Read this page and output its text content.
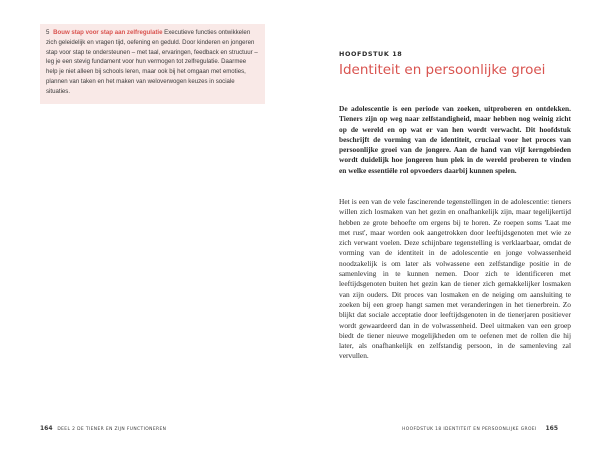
5 Bouw stap voor stap aan zelfregulatie Executieve functies ontwikkelen zich geleidelijk en vragen tijd, oefening en geduld. Door kinderen en jongeren stap voor stap te ondersteunen – met taal, ervaringen, feedback en structuur – leg je een stevig fundament voor hun vermogen tot zelfregulatie. Daarmee help je niet alleen bij schools leren, maar ook bij het omgaan met emoties, plannen van taken en het maken van weloverwogen keuzes in sociale situaties.
HOOFDSTUK 18
Identiteit en persoonlijke groei

De adolescentie is een periode van zoeken, uitproberen en ontdekken. Tieners zijn op weg naar zelfstandigheid, maar hebben nog weinig zicht op de wereld en op wat er van hen wordt verwacht. Dit hoofdstuk beschrijft de vorming van de identiteit, cruciaal voor het proces van persoonlijke groei van de jongere. Aan de hand van vijf kerngebieden wordt duidelijk hoe jongeren hun plek in de wereld proberen te vinden en welke essentiële rol opvoeders daarbij kunnen spelen.

Het is een van de vele fascinerende tegenstellingen in de adolescentie: tieners willen zich losmaken van het gezin en onafhankelijk zijn, maar tegelijkertijd hebben ze grote behoefte om ergens bij te horen. Ze roepen soms 'Laat me met rust', maar worden ook aangetrokken door leeftijdsgenoten met wie ze zich verwant voelen. Deze schijnbare tegenstelling is verklaarbaar, omdat de vorming van de identiteit in de adolescentie en jonge volwassenheid noodzakelijk is om later als volwassene een zelfstandige positie in de samenleving in te kunnen nemen. Door zich te identificeren met leeftijdsgenoten buiten het gezin kan de tiener zich gemakkelijker losmaken van zijn ouders. Dit proces van losmaken en de neiging om aansluiting te zoeken bij een groep hangt samen met veranderingen in het tienerbrein. Zo blijkt dat sociale acceptatie door leeftijdsgenoten in de tienerjaren positiever wordt gewaardeerd dan in de volwassenheid. Deel uitmaken van een groep biedt de tiener nieuwe mogelijkheden om te oefenen met de rollen die hij later, als onafhankelijk en zelfstandig persoon, in de samenleving zal vervullen.

164 DEEL 2 DE TIENER EN ZIJN FUNCTIONEREN	HOOFDSTUK 18 IDENTITEIT EN PERSOONLIJKE GROEI 165
